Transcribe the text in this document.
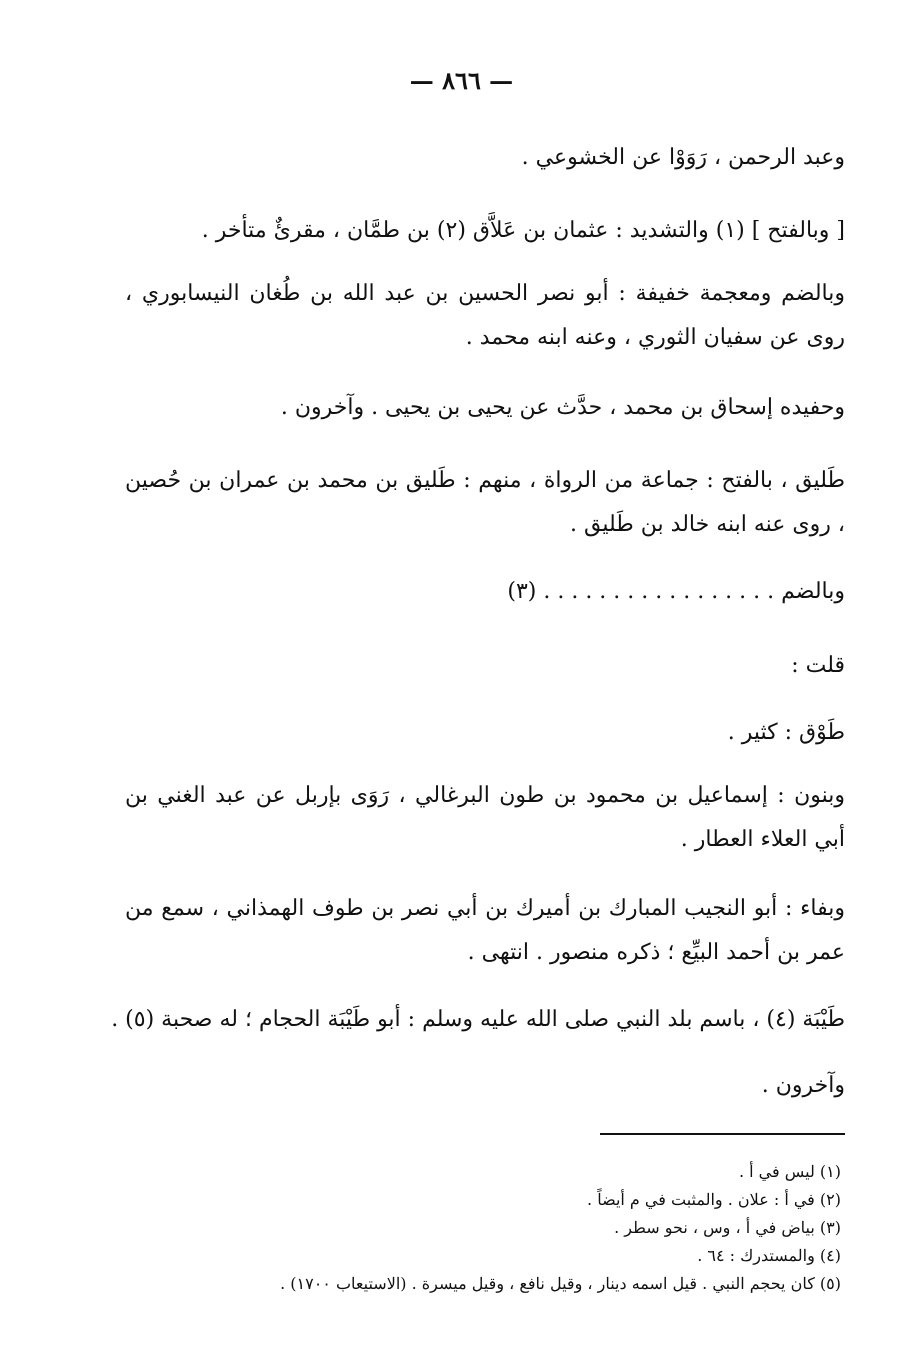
— ٨٦٦ —

وعبد الرحمن ، رَوَوْا عن الخشوعي .

[ وبالفتح ] (١) والتشديد : عثمان بن عَلاَّق (٢) بن طمَّان ، مقرئٌ متأخر .

وبالضم ومعجمة خفيفة : أبو نصر الحسين بن عبد الله بن طُغان النيسابوري ، روى عن سفيان الثوري ، وعنه ابنه محمد .

وحفيده إسحاق بن محمد ، حدَّث عن يحيى بن يحيى . وآخرون .

طَليق ، بالفتح : جماعة من الرواة ، منهم : طَليق بن محمد بن عمران بن حُصين ، روى عنه ابنه خالد بن طَليق .

وبالضم . . . . . . . . . . . . . . . . . (٣)

قلت :

طَوْق : كثير .

وبنون : إسماعيل بن محمود بن طون البرغالي ، رَوَى بإربل عن عبد الغني بن أبي العلاء العطار .

وبفاء : أبو النجيب المبارك بن أميرك بن أبي نصر بن طوف الهمذاني ، سمع من عمر بن أحمد البيِّع ؛ ذكره منصور . انتهى .

طَيْبَة (٤) ، باسم بلد النبي صلى الله عليه وسلم : أبو طَيْبَة الحجام ؛ له صحبة (٥) .

وآخرون .

(١) ليس في أ .
(٢) في أ : علان . والمثبت في م أيضاً .
(٣) بياض في أ ، وس ، نحو سطر .
(٤) والمستدرك : ٦٤ .
(٥) كان يحجم النبي . قيل اسمه دينار ، وقيل نافع ، وقيل ميسرة . (الاستيعاب ١٧٠٠) .
